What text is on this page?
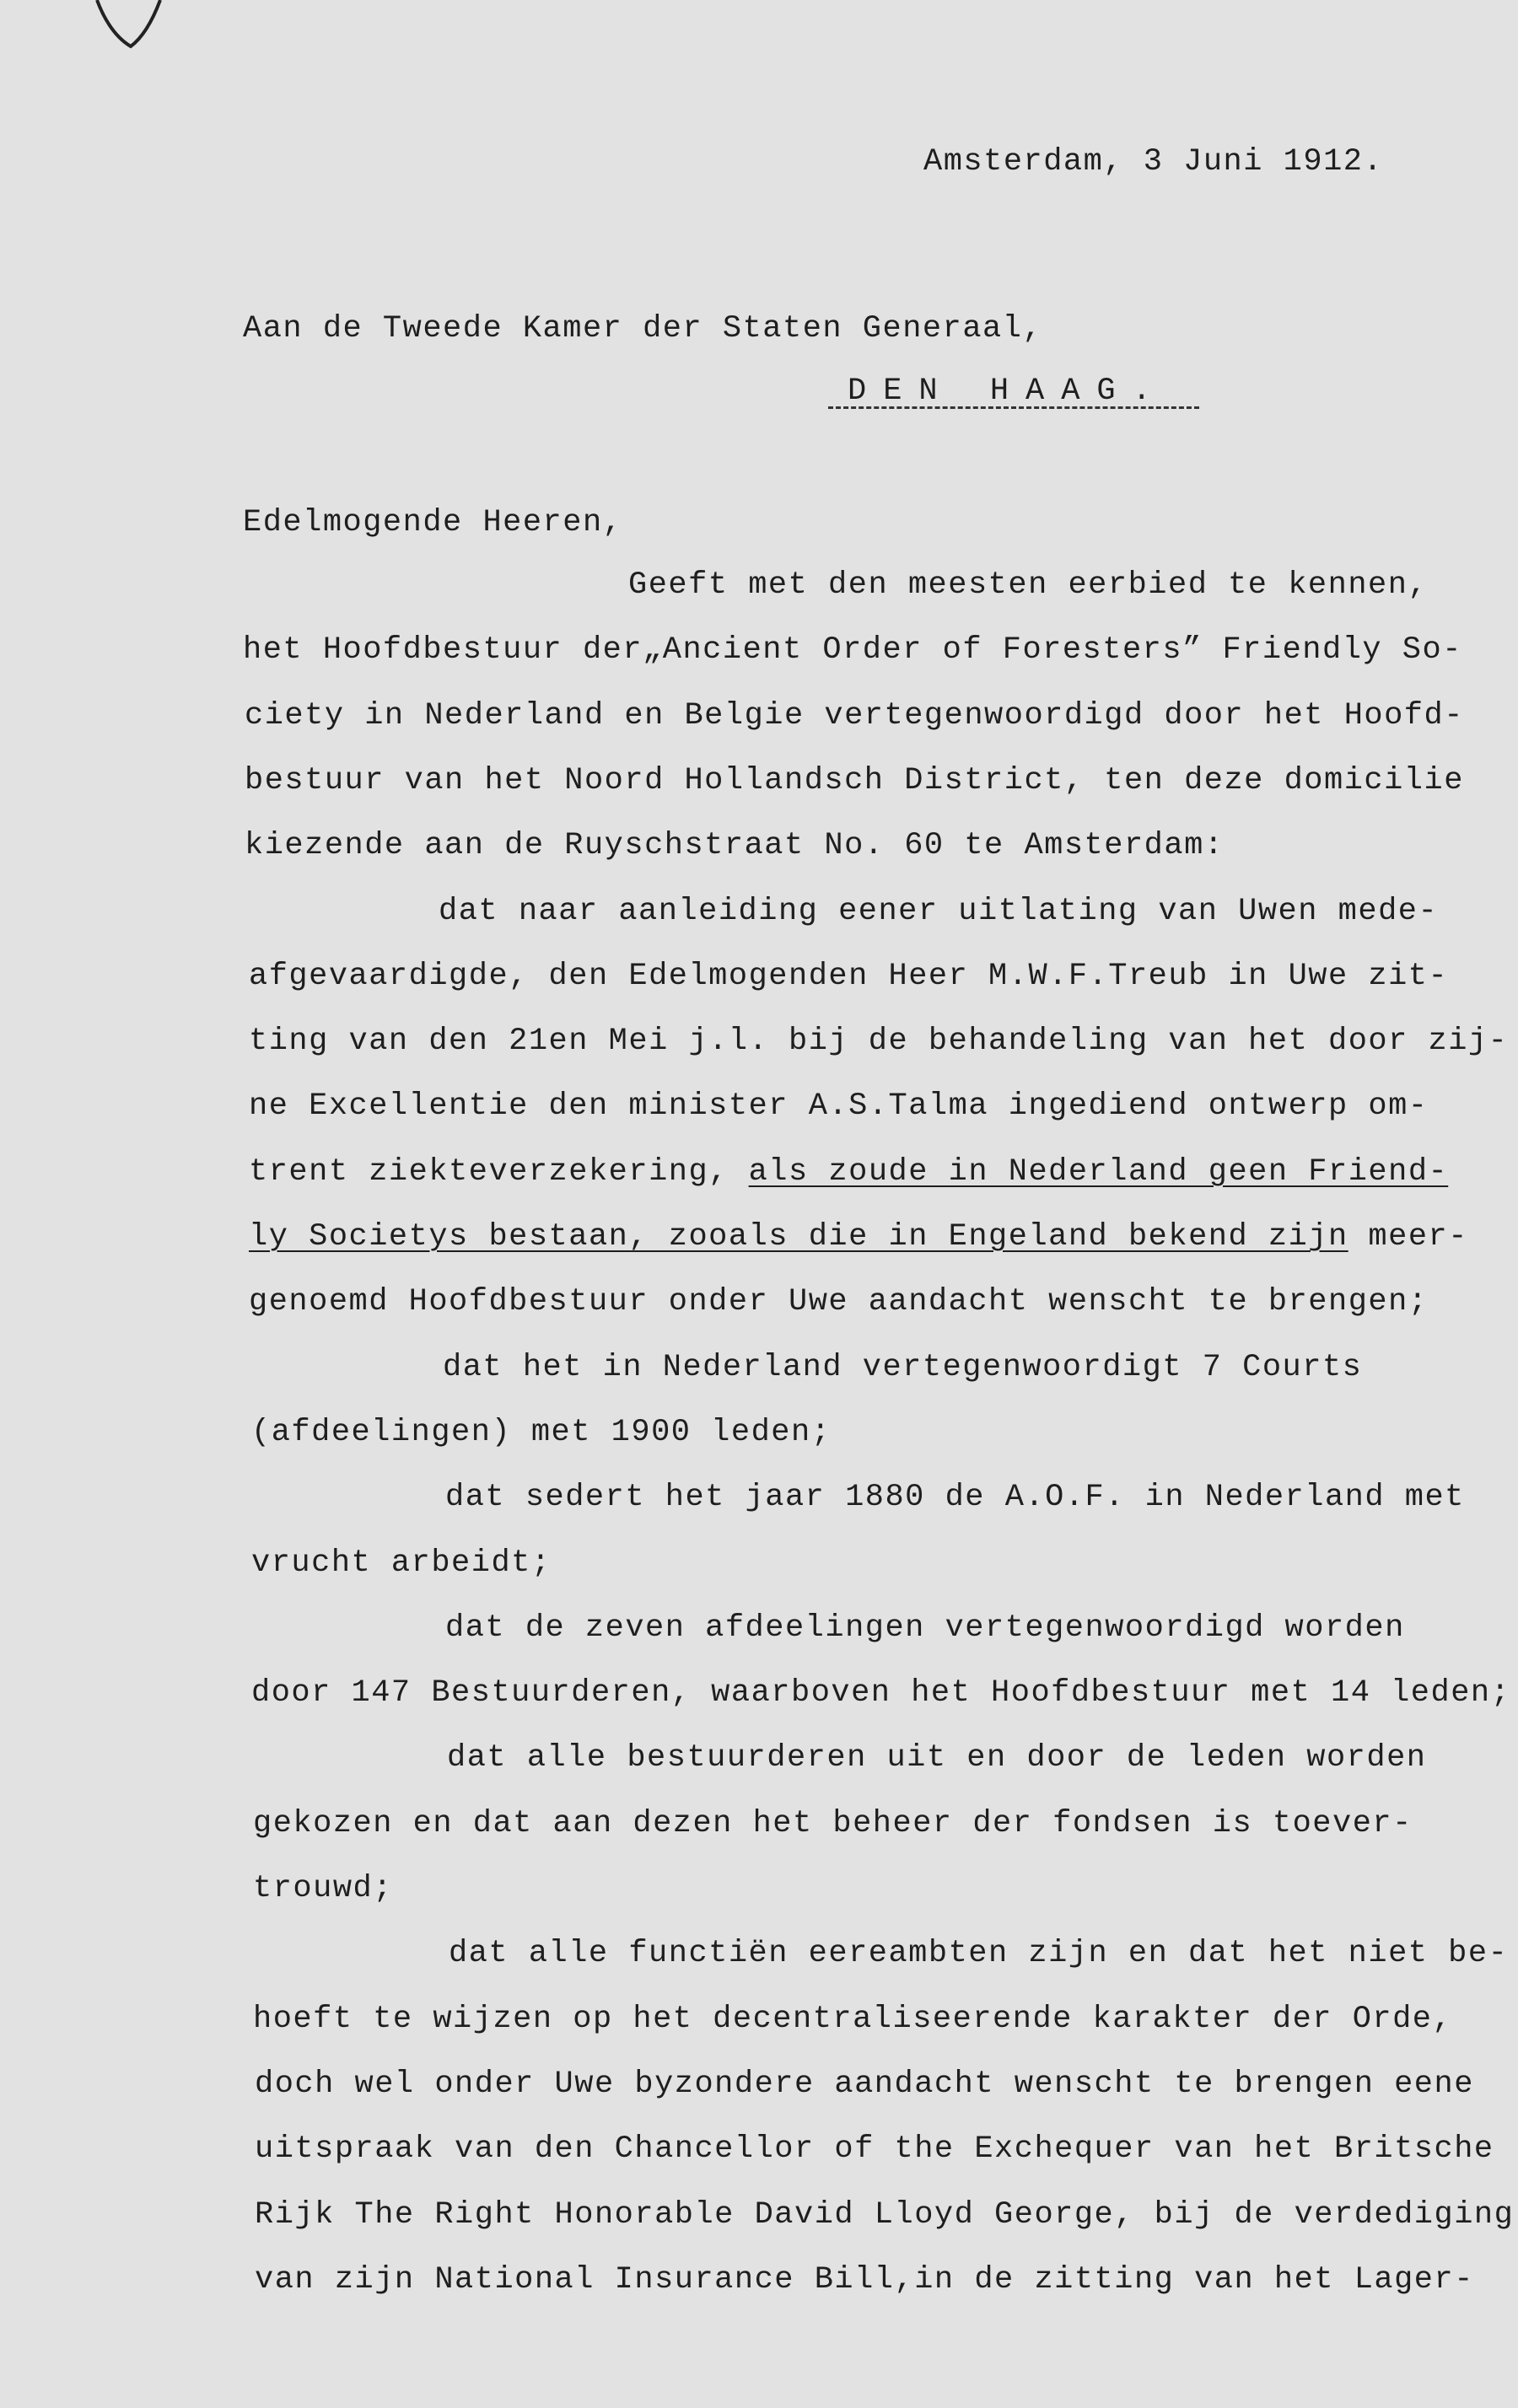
Amsterdam, 3 Juni 1912.

Aan de Tweede Kamer der Staten Generaal,

DEN HAAG.

Edelmogende Heeren,

Geeft met den meesten eerbied te kennen,

het Hoofdbestuur der„Ancient Order of Foresters” Friendly So-

ciety in Nederland en Belgie vertegenwoordigd door het Hoofd-

bestuur van het Noord Hollandsch District, ten deze domicilie

kiezende aan de Ruyschstraat No. 60 te Amsterdam:

dat naar aanleiding eener uitlating van Uwen mede-

afgevaardigde, den Edelmogenden Heer M.W.F.Treub in Uwe zit-

ting van den 21en Mei j.l. bij de behandeling van het door zij-

ne Excellentie den minister A.S.Talma ingediend ontwerp om-

trent ziekteverzekering, als zoude in Nederland geen Friend-

ly Societys bestaan, zooals die in Engeland bekend zijn meer-

genoemd Hoofdbestuur onder Uwe aandacht wenscht te brengen;

dat het in Nederland vertegenwoordigt 7 Courts

(afdeelingen) met 1900 leden;

dat sedert het jaar 1880 de A.O.F. in Nederland met

vrucht arbeidt;

dat de zeven afdeelingen vertegenwoordigd worden

door 147 Bestuurderen, waarboven het Hoofdbestuur met 14 leden;

dat alle bestuurderen uit en door de leden worden

gekozen en dat aan dezen het beheer der fondsen is toever-

trouwd;

dat alle functiën eereambten zijn en dat het niet be-

hoeft te wijzen op het decentraliseerende karakter der Orde,

doch wel onder Uwe byzondere aandacht wenscht te brengen eene

uitspraak van den Chancellor of the Exchequer van het Britsche

Rijk The Right Honorable David Lloyd George, bij de verdediging

van zijn National Insurance Bill,in de zitting van het Lager-
